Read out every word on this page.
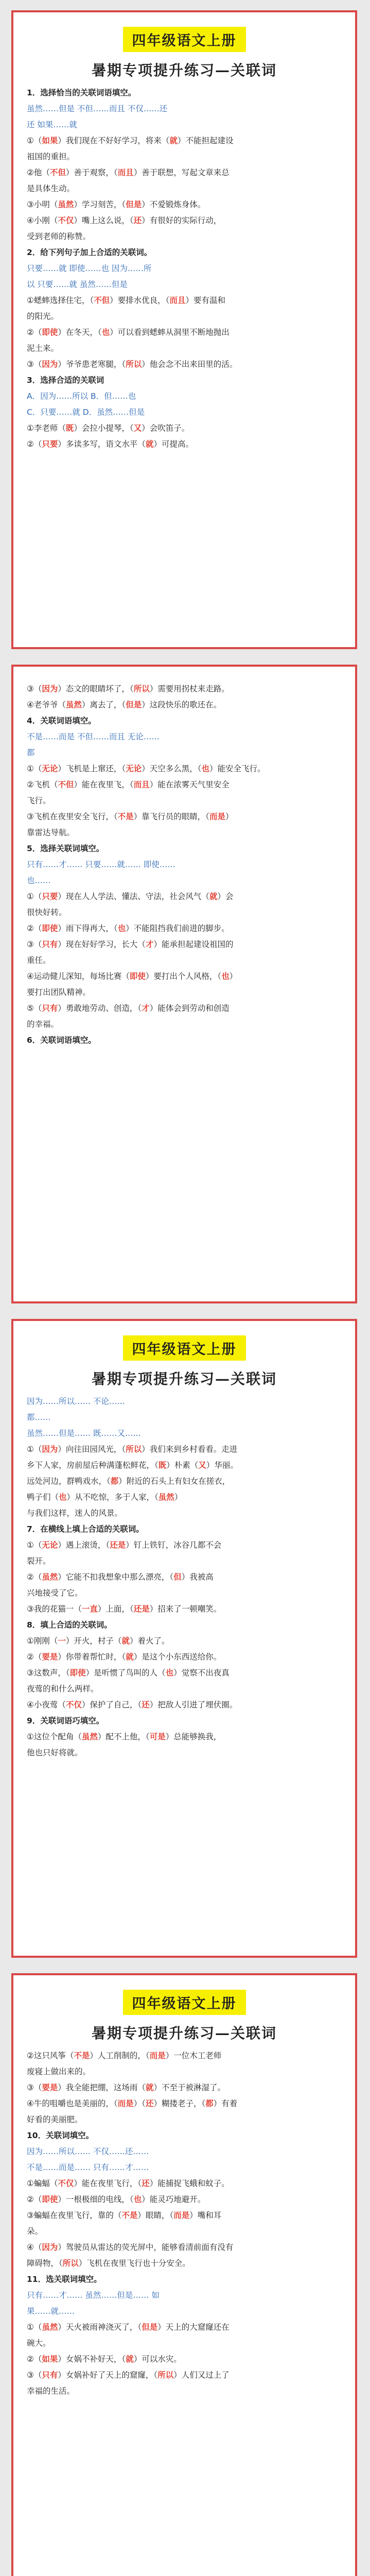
四年级语文上册
暑期专项提升练习—关联词
1．选择恰当的关联词语填空。
虽然……但是 不但……而且 不仅……还
还 如果……就
①（如果）我们现在不好好学习，将来（就）不能担起建设
祖国的重担。
②他（不但）善于观察，（而且）善于联想，写起文章来总
是具体生动。
③小明（虽然）学习刻苦，（但是）不爱锻炼身体。
④小刚（不仅）嘴上这么说，（还）有很好的实际行动，
受到老师的称赞。
2．给下列句子加上合适的关联词。
只要……就 即使……也 因为……所
以 只要……就 虽然……但是
①蟋蟀选择住宅，（不但）要排水优良，（而且）要有温和
的阳光。
②（即使）在冬天，（也）可以看到蟋蟀从洞里不断地抛出
泥土来。
③（因为）爷爷患老寒腿，（所以）他会念不出来田里的活。
3．选择合适的关联词
A．因为……所以 B．但……也
C．只要……就 D．虽然……但是
①李老师（既）会拉小提琴，（又）会吹笛子。
②（只要）多读多写，语文水平（就）可提高。
③（因为）态文的眼睛坏了，（所以）需要用拐杖来走路。
④老爷爷（虽然）离去了，（但是）这段快乐的歌还在。
4．关联词语填空。
不是……而是 不但……而且 无论……
都
①（无论）飞机是上窜还，（无论）天空多么黑，（也）能安全飞行。
②飞机（不但）能在夜里飞，（而且）能在浓雾天气里安全
飞行。
③飞机在夜里安全飞行，（不是）靠飞行员的眼睛，（而是）
靠雷达导航。
5．选择关联词填空。
只有……才…… 只要……就…… 即使……
也……
①（只要）现在人人学法、懂法、守法，社会风气（就）会
很快好转。
②（即使）雨下得再大，（也）不能阻挡我们前进的脚步。
③（只有）现在好好学习，长大（才）能承担起建设祖国的
重任。
④运动健儿深知，每场比赛（即使）要打出个人风格，（也）
要打出团队精神。
⑤（只有）勇敢地劳动、创造，（才）能体会到劳动和创造
的幸福。
6．关联词语填空。
四年级语文上册
暑期专项提升练习—关联词
因为……所以…… 不论……
都……
虽然……但是…… 既……又……
①（因为）向往田园风光，（所以）我们来到乡村看看。走进
乡下人家，房前屋后种满蓬松鲜花，（既）朴素（又）华丽。
远处河边，群鸭戏水，（都）附近的石头上有妇女在搓衣，
鸭子们（也）从不吃惊，多于人家，（虽然）
与我们这样，迷人的风景。
7．在横线上填上合适的关联词。
①（无论）遇上滚烫，（还是）钉上铁钉，冰谷几都不会
裂开。
②（虽然）它能不扣我想象中那么漂亮，（但）我被高
兴地接受了它。
③我的花猫一（一直）上面，（还是）招来了一顿嘲笑。
8．填上合适的关联词。
①刚刚（一）开火，村子（就）着火了。
②（要是）你带着帮忙时，（就）是这个小东西送给你。
③这数声，（即使）是听惯了鸟叫的人（也）觉察不出夜真
夜莺的和什么两样。
④小夜莺（不仅）保护了自己，（还）把敌人引进了埋伏圈。
9．关联词语巧填空。
①这位个配角（虽然）配不上他，（可是）总能够换我，
他也只好将就。
四年级语文上册
暑期专项提升练习—关联词
②这只风筝（不是）人工削制的，（而是）一位木工老师
废寝上做出来的。
③（要是）我全能把绷，这场雨（就）不至于被淋湿了。
④牛的咀嚼也是美丽的，（而是）（还）糊搂老子，（都）有着
好看的美丽肥。
10．关联词填空。
因为……所以…… 不仅……还……
不是……而是…… 只有……才……
①蝙蝠（不仅）能在夜里飞行，（还）能捕捉飞蛾和蚊子。
②（即使）一根极细的电线，（也）能灵巧地避开。
③蝙蝠在夜里飞行，靠的（不是）眼睛，（而是）嘴和耳
朵。
④（因为）驾驶员从雷达的荧光屏中，能够看清前面有没有
障碍物，（所以）飞机在夜里飞行也十分安全。
11．选关联词填空。
只有……才…… 虽然……但是…… 如
果……就……
①（虽然）天火被雨神浇灭了，（但是）天上的大窟窿还在
碗大。
②（如果）女娲不补好天，（就）可以水灾。
③（只有）女娲补好了天上的窟窿，（所以）人们又过上了
幸福的生活。
